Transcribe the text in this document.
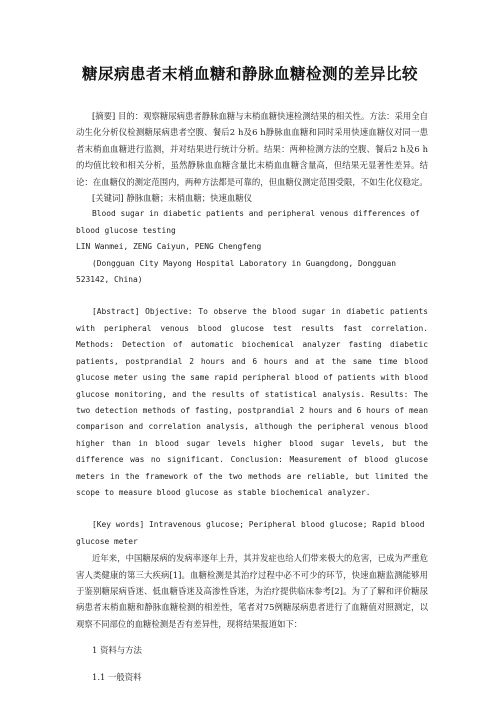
糖尿病患者末梢血糖和静脉血糖检测的差异比较

[摘要] 目的：观察糖尿病患者静脉血糖与末梢血糖快速检测结果的相关性。方法：采用全自动生化分析仪检测糖尿病患者空腹、餐后2 h及6 h静脉血血糖和同时采用快速血糖仪对同一患者末梢血血糖进行监测，并对结果进行统计分析。结果：两种检测方法的空腹、餐后2 h及6 h的均值比较和相关分析，虽然静脉血血糖含量比末梢血血糖含量高，但结果无显著性差异。结论：在血糖仪的测定范围内，两种方法都是可靠的，但血糖仪测定范围受限，不如生化仪稳定。

[关键词] 静脉血糖；末梢血糖；快速血糖仪

Blood sugar in diabetic patients and peripheral venous differences of blood glucose testing

LIN Wanmei, ZENG Caiyun, PENG Chengfeng

(Dongguan City Mayong Hospital Laboratory in Guangdong, Dongguan 523142, China)

[Abstract] Objective: To observe the blood sugar in diabetic patients with peripheral venous blood glucose test results fast correlation. Methods: Detection of automatic biochemical analyzer fasting diabetic patients, postprandial 2 hours and 6 hours and at the same time blood glucose meter using the same rapid peripheral blood of patients with blood glucose monitoring, and the results of statistical analysis. Results: The two detection methods of fasting, postprandial 2 hours and 6 hours of mean comparison and correlation analysis, although the peripheral venous blood higher than in blood sugar levels higher blood sugar levels, but the difference was no significant. Conclusion: Measurement of blood glucose meters in the framework of the two methods are reliable, but limited the scope to measure blood glucose as stable biochemical analyzer.

[Key words] Intravenous glucose; Peripheral blood glucose; Rapid blood glucose meter

近年来，中国糖尿病的发病率逐年上升，其并发症也给人们带来极大的危害，已成为严重危害人类健康的第三大疾病[1]。血糖检测是其治疗过程中必不可少的环节，快速血糖监测能够用于鉴别糖尿病昏迷、低血糖昏迷及高渗性昏迷，为治疗提供临床参考[2]。为了了解和评价糖尿病患者末梢血糖和静脉血糖检测的相差性，笔者对75例糖尿病患者进行了血糖值对照测定，以观察不同部位的血糖检测是否有差异性，现将结果报道如下：

1 资料与方法

1.1 一般资料
